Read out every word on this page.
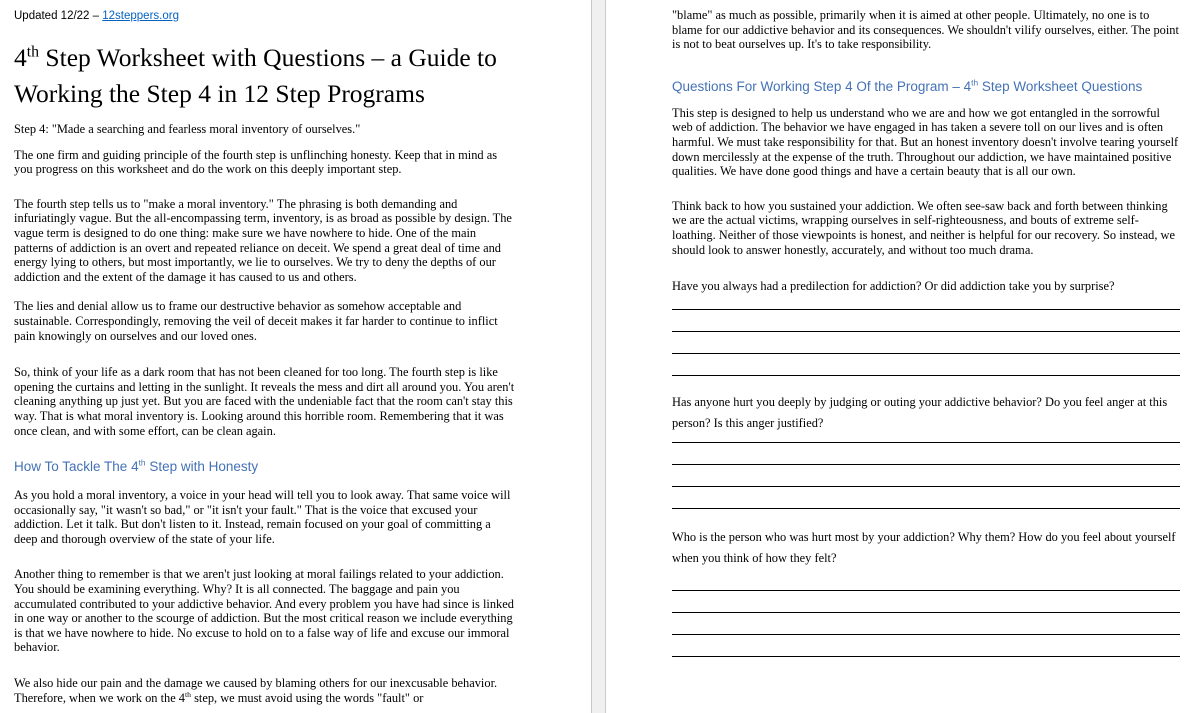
Updated 12/22 – 12steppers.org
4th Step Worksheet with Questions – a Guide to
Working the Step 4 in 12 Step Programs

Step 4: "Made a searching and fearless moral inventory of ourselves."

The one firm and guiding principle of the fourth step is unflinching honesty. Keep that in mind as you progress on this worksheet and do the work on this deeply important step.

The fourth step tells us to "make a moral inventory." The phrasing is both demanding and infuriatingly vague. But the all-encompassing term, inventory, is as broad as possible by design. The vague term is designed to do one thing: make sure we have nowhere to hide. One of the main patterns of addiction is an overt and repeated reliance on deceit. We spend a great deal of time and energy lying to others, but most importantly, we lie to ourselves. We try to deny the depths of our addiction and the extent of the damage it has caused to us and others.

The lies and denial allow us to frame our destructive behavior as somehow acceptable and sustainable. Correspondingly, removing the veil of deceit makes it far harder to continue to inflict pain knowingly on ourselves and our loved ones.

So, think of your life as a dark room that has not been cleaned for too long. The fourth step is like opening the curtains and letting in the sunlight. It reveals the mess and dirt all around you. You aren't cleaning anything up just yet. But you are faced with the undeniable fact that the room can't stay this way. That is what moral inventory is. Looking around this horrible room. Remembering that it was once clean, and with some effort, can be clean again.

How To Tackle The 4th Step with Honesty

As you hold a moral inventory, a voice in your head will tell you to look away. That same voice will occasionally say, "it wasn't so bad," or "it isn't your fault." That is the voice that excused your addiction. Let it talk. But don't listen to it. Instead, remain focused on your goal of committing a deep and thorough overview of the state of your life.

Another thing to remember is that we aren't just looking at moral failings related to your addiction. You should be examining everything. Why? It is all connected. The baggage and pain you accumulated contributed to your addictive behavior. And every problem you have had since is linked in one way or another to the scourge of addiction. But the most critical reason we include everything is that we have nowhere to hide. No excuse to hold on to a false way of life and excuse our immoral behavior.

We also hide our pain and the damage we caused by blaming others for our inexcusable behavior. Therefore, when we work on the 4th step, we must avoid using the words "fault" or

"blame" as much as possible, primarily when it is aimed at other people. Ultimately, no one is to blame for our addictive behavior and its consequences. We shouldn't vilify ourselves, either. The point is not to beat ourselves up. It's to take responsibility.

Questions For Working Step 4 Of the Program – 4th Step Worksheet Questions

This step is designed to help us understand who we are and how we got entangled in the sorrowful web of addiction. The behavior we have engaged in has taken a severe toll on our lives and is often harmful. We must take responsibility for that. But an honest inventory doesn't involve tearing yourself down mercilessly at the expense of the truth. Throughout our addiction, we have maintained positive qualities. We have done good things and have a certain beauty that is all our own.

Think back to how you sustained your addiction. We often see-saw back and forth between thinking we are the actual victims, wrapping ourselves in self-righteousness, and bouts of extreme self-loathing. Neither of those viewpoints is honest, and neither is helpful for our recovery. So instead, we should look to answer honestly, accurately, and without too much drama.

Have you always had a predilection for addiction? Or did addiction take you by surprise?

Has anyone hurt you deeply by judging or outing your addictive behavior? Do you feel anger at this person? Is this anger justified?

Who is the person who was hurt most by your addiction? Why them? How do you feel about yourself when you think of how they felt?
